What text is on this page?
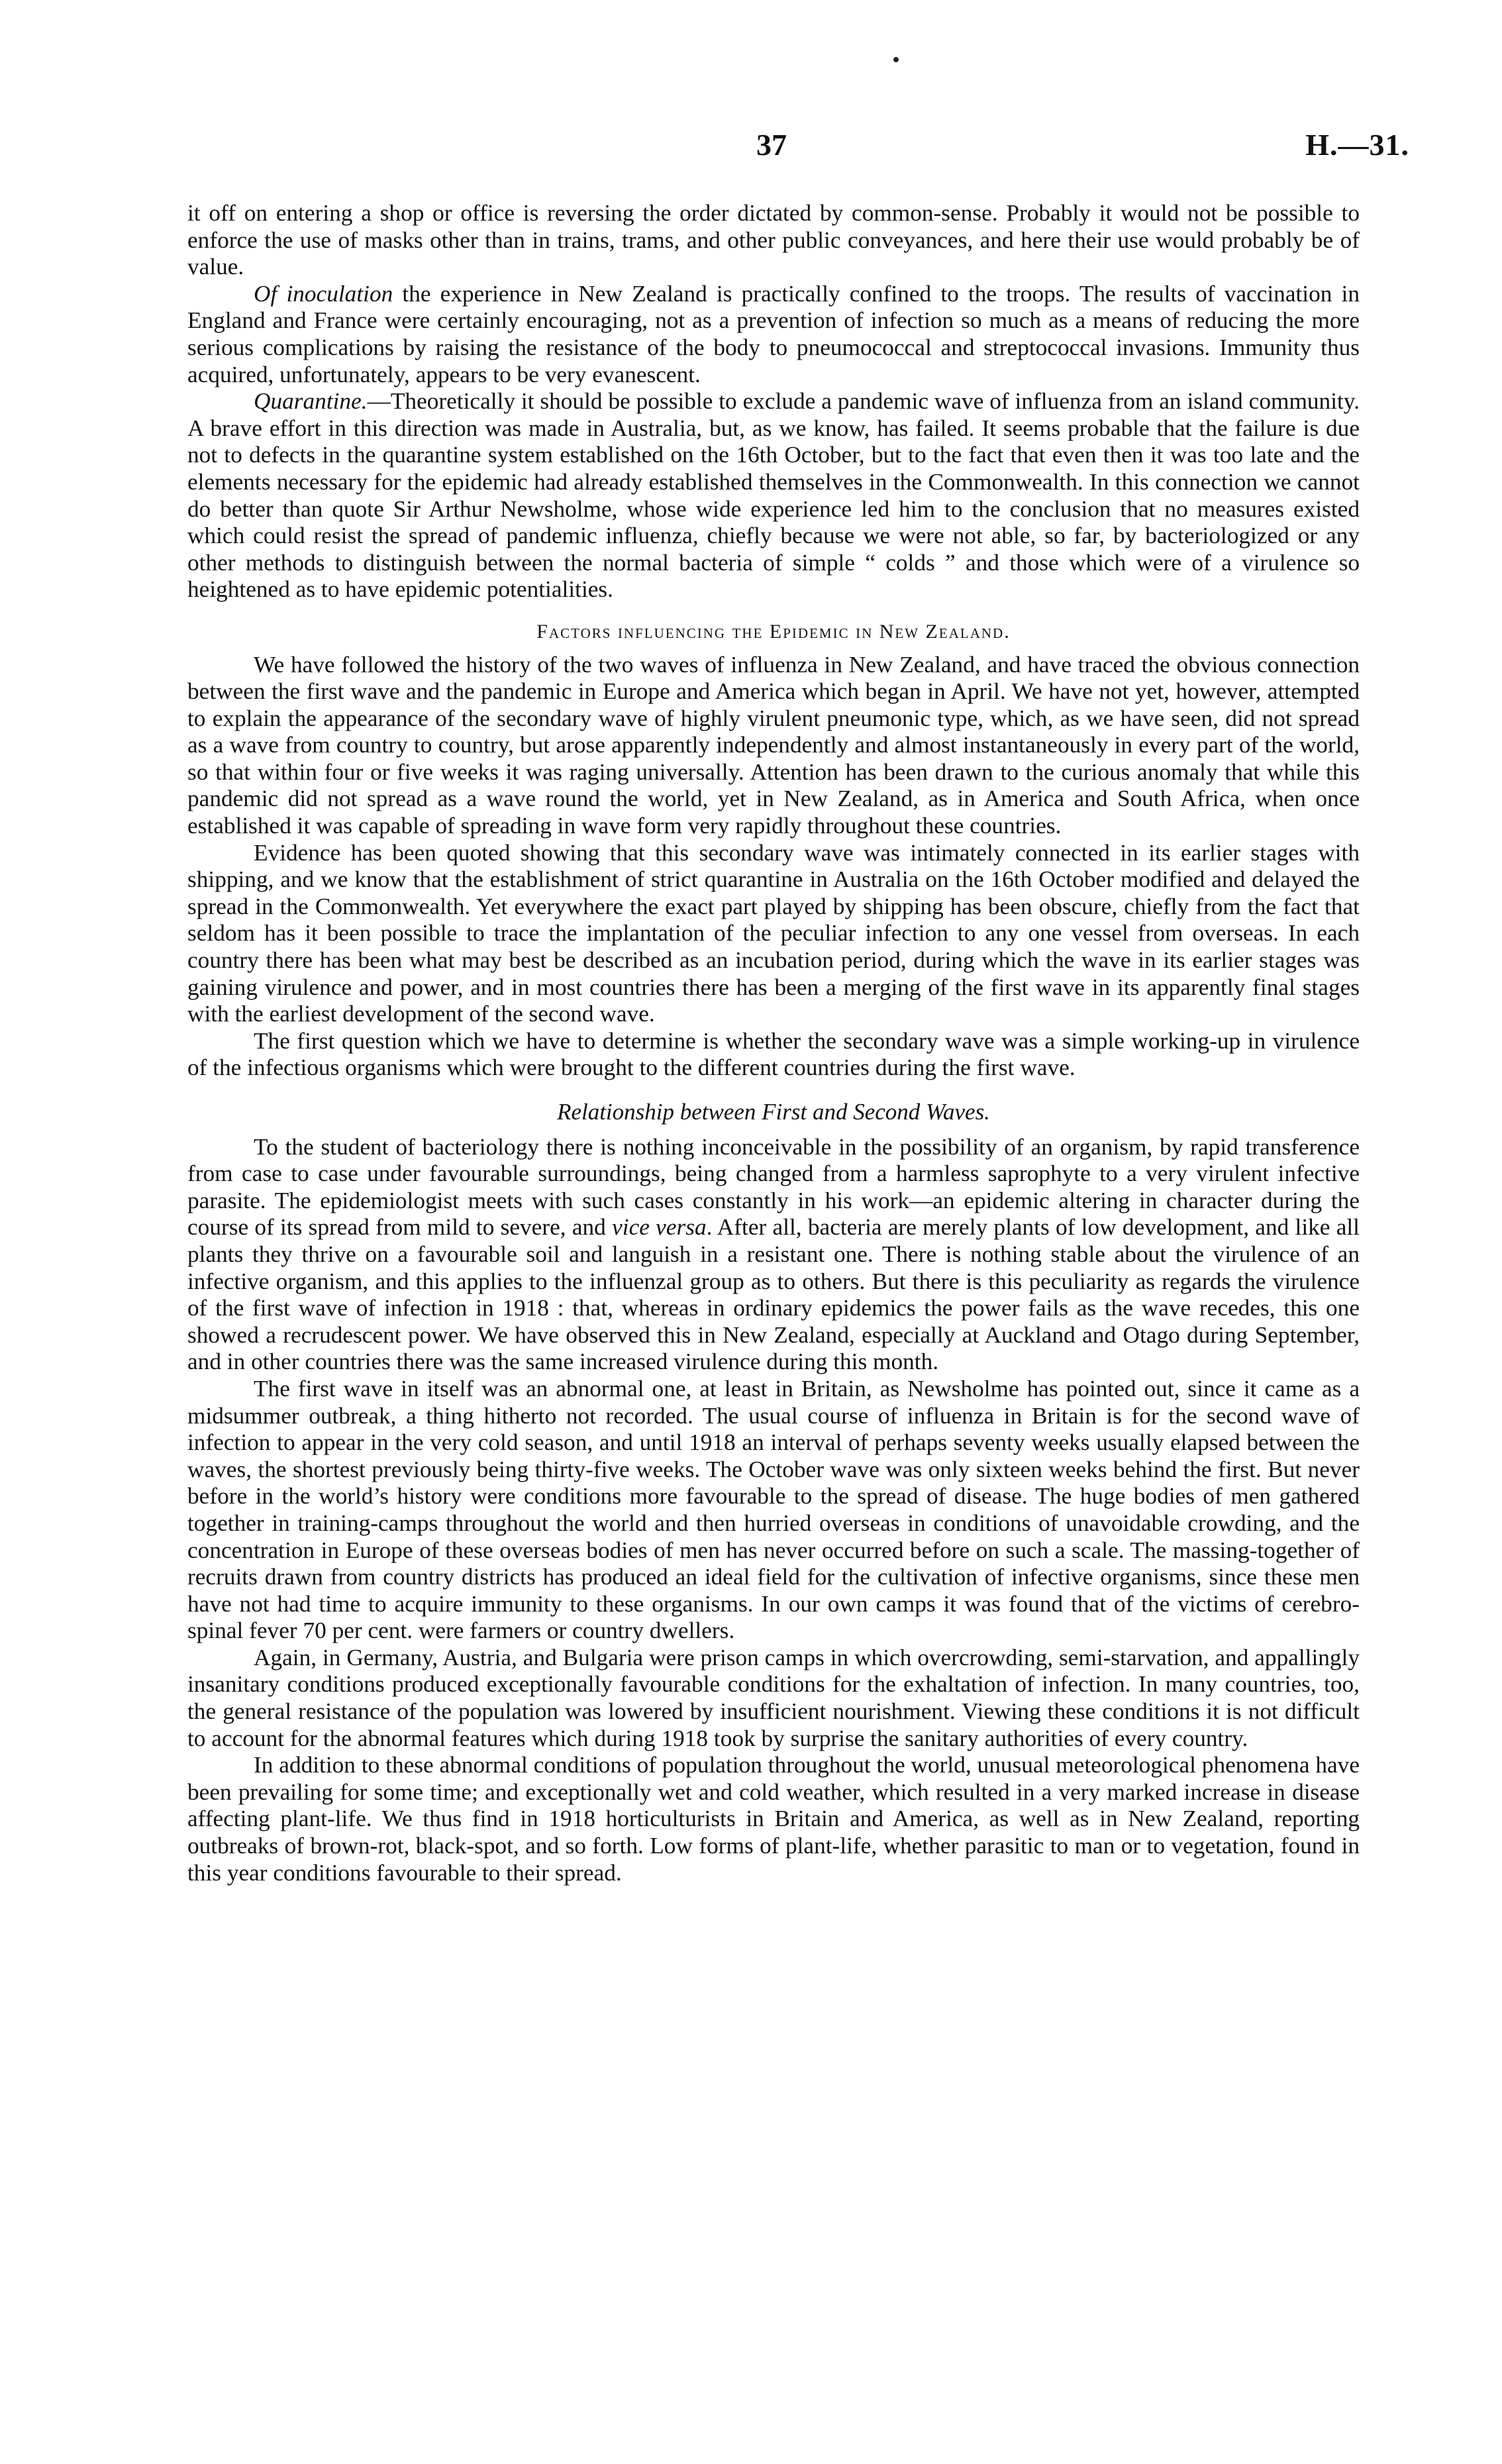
37	H.—31.

it off on entering a shop or office is reversing the order dictated by common-sense. Probably it would not be possible to enforce the use of masks other than in trains, trams, and other public conveyances, and here their use would probably be of value.

Of inoculation the experience in New Zealand is practically confined to the troops. The results of vaccination in England and France were certainly encouraging, not as a prevention of infection so much as a means of reducing the more serious complications by raising the resistance of the body to pneumococcal and streptococcal invasions. Immunity thus acquired, unfortunately, appears to be very evanescent.

Quarantine.—Theoretically it should be possible to exclude a pandemic wave of influenza from an island community. A brave effort in this direction was made in Australia, but, as we know, has failed. It seems probable that the failure is due not to defects in the quarantine system established on the 16th October, but to the fact that even then it was too late and the elements necessary for the epidemic had already established themselves in the Commonwealth. In this connection we cannot do better than quote Sir Arthur Newsholme, whose wide experience led him to the conclusion that no measures existed which could resist the spread of pandemic influenza, chiefly because we were not able, so far, by bacteriologized or any other methods to distinguish between the normal bacteria of simple “ colds ” and those which were of a virulence so heightened as to have epidemic potentialities.

Factors influencing the Epidemic in New Zealand.

We have followed the history of the two waves of influenza in New Zealand, and have traced the obvious connection between the first wave and the pandemic in Europe and America which began in April. We have not yet, however, attempted to explain the appearance of the secondary wave of highly virulent pneumonic type, which, as we have seen, did not spread as a wave from country to country, but arose apparently independently and almost instantaneously in every part of the world, so that within four or five weeks it was raging universally. Attention has been drawn to the curious anomaly that while this pandemic did not spread as a wave round the world, yet in New Zealand, as in America and South Africa, when once established it was capable of spreading in wave form very rapidly throughout these countries.

Evidence has been quoted showing that this secondary wave was intimately connected in its earlier stages with shipping, and we know that the establishment of strict quarantine in Australia on the 16th October modified and delayed the spread in the Commonwealth. Yet everywhere the exact part played by shipping has been obscure, chiefly from the fact that seldom has it been possible to trace the implantation of the peculiar infection to any one vessel from overseas. In each country there has been what may best be described as an incubation period, during which the wave in its earlier stages was gaining virulence and power, and in most countries there has been a merging of the first wave in its apparently final stages with the earliest development of the second wave.

The first question which we have to determine is whether the secondary wave was a simple working-up in virulence of the infectious organisms which were brought to the different countries during the first wave.

Relationship between First and Second Waves.

To the student of bacteriology there is nothing inconceivable in the possibility of an organism, by rapid transference from case to case under favourable surroundings, being changed from a harmless saprophyte to a very virulent infective parasite. The epidemiologist meets with such cases constantly in his work—an epidemic altering in character during the course of its spread from mild to severe, and vice versa. After all, bacteria are merely plants of low development, and like all plants they thrive on a favourable soil and languish in a resistant one. There is nothing stable about the virulence of an infective organism, and this applies to the influenzal group as to others. But there is this peculiarity as regards the virulence of the first wave of infection in 1918 : that, whereas in ordinary epidemics the power fails as the wave recedes, this one showed a recrudescent power. We have observed this in New Zealand, especially at Auckland and Otago during September, and in other countries there was the same increased virulence during this month.

The first wave in itself was an abnormal one, at least in Britain, as Newsholme has pointed out, since it came as a midsummer outbreak, a thing hitherto not recorded. The usual course of influenza in Britain is for the second wave of infection to appear in the very cold season, and until 1918 an interval of perhaps seventy weeks usually elapsed between the waves, the shortest previously being thirty-five weeks. The October wave was only sixteen weeks behind the first. But never before in the world’s history were conditions more favourable to the spread of disease. The huge bodies of men gathered together in training-camps throughout the world and then hurried overseas in conditions of unavoidable crowding, and the concentration in Europe of these overseas bodies of men has never occurred before on such a scale. The massing-together of recruits drawn from country districts has produced an ideal field for the cultivation of infective organisms, since these men have not had time to acquire immunity to these organisms. In our own camps it was found that of the victims of cerebro-spinal fever 70 per cent. were farmers or country dwellers.

Again, in Germany, Austria, and Bulgaria were prison camps in which overcrowding, semi-starvation, and appallingly insanitary conditions produced exceptionally favourable conditions for the exhaltation of infection. In many countries, too, the general resistance of the population was lowered by insufficient nourishment. Viewing these conditions it is not difficult to account for the abnormal features which during 1918 took by surprise the sanitary authorities of every country.

In addition to these abnormal conditions of population throughout the world, unusual meteorological phenomena have been prevailing for some time; and exceptionally wet and cold weather, which resulted in a very marked increase in disease affecting plant-life. We thus find in 1918 horticulturists in Britain and America, as well as in New Zealand, reporting outbreaks of brown-rot, black-spot, and so forth. Low forms of plant-life, whether parasitic to man or to vegetation, found in this year conditions favourable to their spread.
